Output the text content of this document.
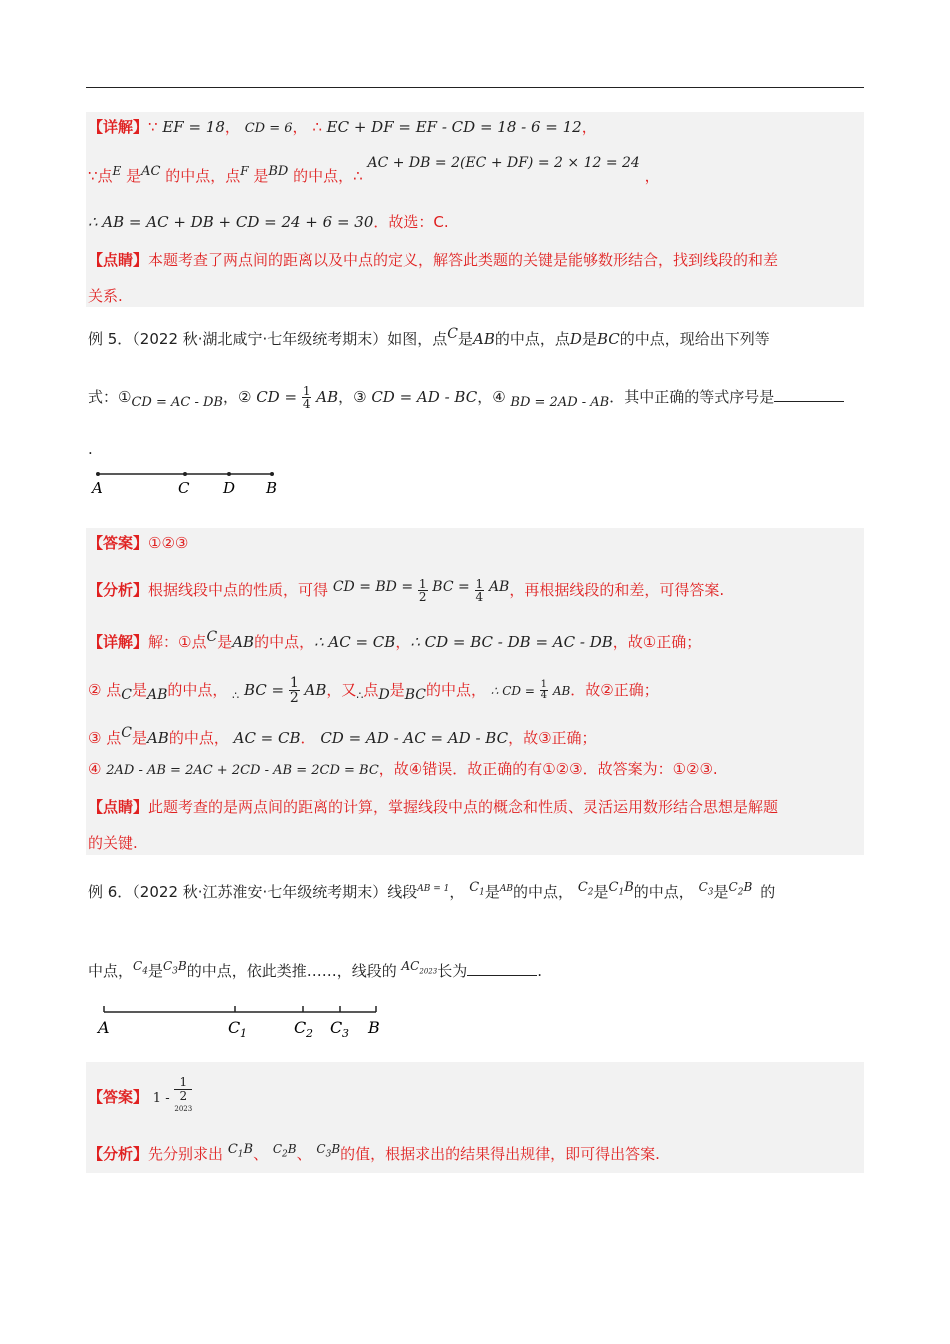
【详解】∵ EF = 18， CD = 6， ∴ EC + DF = EF - CD = 18 - 6 = 12，
∵点$^E$ 是$^{AC}$ 的中点，点$^F$ 是$^{BD}$ 的中点，∴ AC + DB = 2(EC + DF) = 2 × 12 = 24 ，
∴ AB = AC + DB + CD = 24 + 6 = 30．故选：C.
【点睛】本题考查了两点间的距离以及中点的定义，解答此类题的关键是能够数形结合，找到线段的和差
关系.
例 5．（2022 秋·湖北咸宁·七年级统考期末）如图，点$^C$是AB的中点，点D是BC的中点，现给出下列等
式：$①_{CD = AC - DB}$，② CD = $\frac{1}{4}$ AB，③ CD = AD - BC，④ $_{BD = 2AD - AB}$．其中正确的等式序号是
.
A	C D B
【答案】①②③
【分析】根据线段中点的性质，可得 CD = BD = $\frac{1}{2}$ BC = $\frac{1}{4}$ AB，再根据线段的和差，可得答案.
【详解】解：①点$^C$是AB的中点，∴ AC = CB，∴ CD = BC - DB = AC - DB，故①正确；
② 点$_C$是$_{AB}$的中点， $_\therefore$ BC = $\frac{1}{2}$ AB，又$_\therefore$点$_D$是$_{BC}$的中点， ∴ CD = $\frac{1}{4}$ AB．故②正确；
③ 点$^C$是AB的中点， AC = CB． CD = AD - AC = AD - BC，故③正确；
④ 2AD - AB = 2AC + 2CD - AB = 2CD = BC，故④错误．故正确的有①②③．故答案为：①②③.
【点睛】此题考查的是两点间的距离的计算，掌握线段中点的概念和性质、灵活运用数形结合思想是解题
的关键.
例 6．（2022 秋·江苏淮安·七年级统考期末）线段$^{AB = 1}$， $^{C_1}$是$^{AB}$的中点， $^{C_2}$是$^{C_1B}$的中点， $^{C_3}$是$^{C_2B}$ 的
中点，$^{C_4}$是$^{C_3B}$的中点，依此类推……，线段的 $^{AC_{2023}}$长为	.
A	C 1	C 2 C 3 B
【答案】 1 - 1
2
$^{2023}$
【分析】先分别求出 $^{C_1B}$、 $^{C_2B}$、 $^{C_3B}$的值，根据求出的结果得出规律，即可得出答案.
